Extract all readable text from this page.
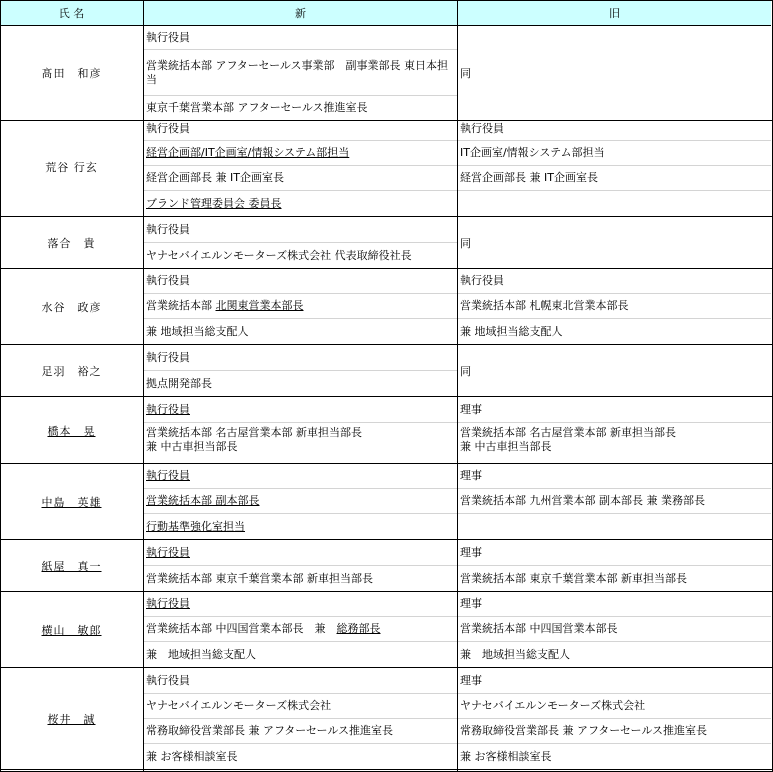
氏 名	新	旧
髙田　和彦
執行役員
営業統括本部 アフターセールス事業部　副事業部長 東日本担当
東京千葉営業本部 アフターセールス推進室長
同
荒谷 行玄
執行役員
経営企画部/IT企画室/情報システム部担当
経営企画部長 兼 IT企画室長
ブランド管理委員会 委員長
執行役員
IT企画室/情報システム部担当
経営企画部長 兼 IT企画室長
落合　貴
執行役員
ヤナセバイエルンモーターズ株式会社 代表取締役社長
同
水谷　政彦
執行役員
営業統括本部 北関東営業本部長
兼 地域担当総支配人
執行役員
営業統括本部 札幌東北営業本部長
兼 地域担当総支配人
足羽　裕之
執行役員
拠点開発部長
同
橋本　晃
執行役員
営業統括本部 名古屋営業本部 新車担当部長
兼 中古車担当部長
理事
営業統括本部 名古屋営業本部 新車担当部長
兼 中古車担当部長
中島　英雄
執行役員
営業統括本部 副本部長
行動基準強化室担当
理事
営業統括本部 九州営業本部 副本部長 兼 業務部長
紙屋　真一
執行役員
営業統括本部 東京千葉営業本部 新車担当部長
理事
営業統括本部 東京千葉営業本部 新車担当部長
横山　敏郎
執行役員
営業統括本部 中四国営業本部長　兼　総務部長
兼　地域担当総支配人
理事
営業統括本部 中四国営業本部長
兼　地域担当総支配人
桜井　誠
執行役員
ヤナセバイエルンモーターズ株式会社
常務取締役営業部長 兼 アフターセールス推進室長
兼 お客様相談室長
理事
ヤナセバイエルンモーターズ株式会社
常務取締役営業部長 兼 アフターセールス推進室長
兼 お客様相談室長
